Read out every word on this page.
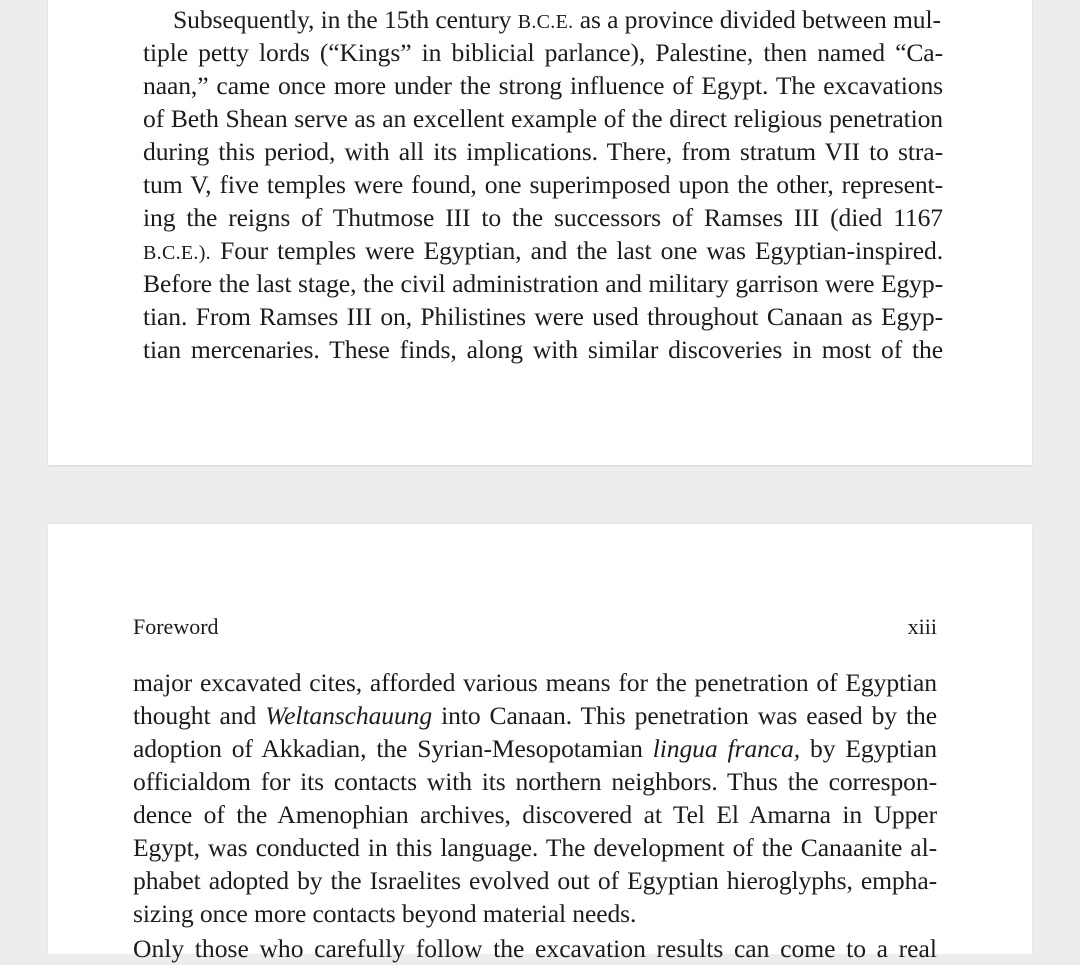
Subsequently, in the 15th century B.C.E. as a province divided between mul-
tiple petty lords (“Kings” in biblicial parlance), Palestine, then named “Ca-
naan,” came once more under the strong influence of Egypt. The excavations
of Beth Shean serve as an excellent example of the direct religious penetration
during this period, with all its implications. There, from stratum VII to stra-
tum V, five temples were found, one superimposed upon the other, represent-
ing the reigns of Thutmose III to the successors of Ramses III (died 1167
B.C.E.). Four temples were Egyptian, and the last one was Egyptian-inspired.
Before the last stage, the civil administration and military garrison were Egyp-
tian. From Ramses III on, Philistines were used throughout Canaan as Egyp-
tian mercenaries. These finds, along with similar discoveries in most of the
Foreword	xiii
major excavated cites, afforded various means for the penetration of Egyptian
thought and Weltanschauung into Canaan. This penetration was eased by the
adoption of Akkadian, the Syrian-Mesopotamian lingua franca, by Egyptian
officialdom for its contacts with its northern neighbors. Thus the correspon-
dence of the Amenophian archives, discovered at Tel El Amarna in Upper
Egypt, was conducted in this language. The development of the Canaanite al-
phabet adopted by the Israelites evolved out of Egyptian hieroglyphs, empha-
sizing once more contacts beyond material needs.
Only those who carefully follow the excavation results can come to a real
